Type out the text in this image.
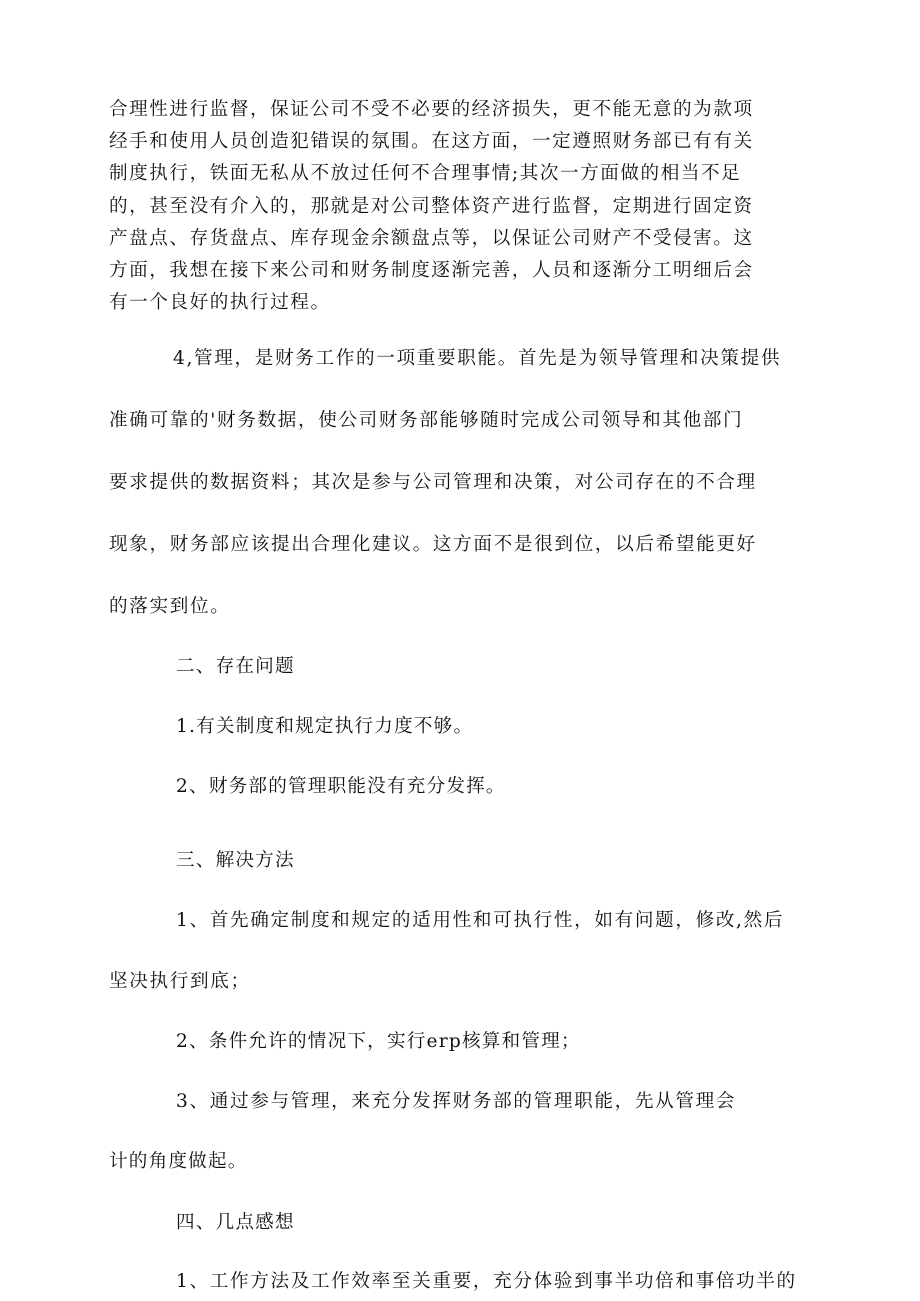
合理性进行监督，保证公司不受不必要的经济损失，更不能无意的为款项
经手和使用人员创造犯错误的氛围。在这方面，一定遵照财务部已有有关
制度执行，铁面无私从不放过任何不合理事情;其次一方面做的相当不足
的，甚至没有介入的，那就是对公司整体资产进行监督，定期进行固定资
产盘点、存货盘点、库存现金余额盘点等，以保证公司财产不受侵害。这
方面，我想在接下来公司和财务制度逐渐完善，人员和逐渐分工明细后会
有一个良好的执行过程。
4,管理，是财务工作的一项重要职能。首先是为领导管理和决策提供
准确可靠的'财务数据，使公司财务部能够随时完成公司领导和其他部门
要求提供的数据资料；其次是参与公司管理和决策，对公司存在的不合理
现象，财务部应该提出合理化建议。这方面不是很到位，以后希望能更好
的落实到位。
二、存在问题
1.有关制度和规定执行力度不够。
2、财务部的管理职能没有充分发挥。
三、解决方法
1、首先确定制度和规定的适用性和可执行性，如有问题，修改,然后
坚决执行到底；
2、条件允许的情况下，实行erp核算和管理；
3、通过参与管理，来充分发挥财务部的管理职能，先从管理会
计的角度做起。
四、几点感想
1、工作方法及工作效率至关重要，充分体验到事半功倍和事倍功半的
